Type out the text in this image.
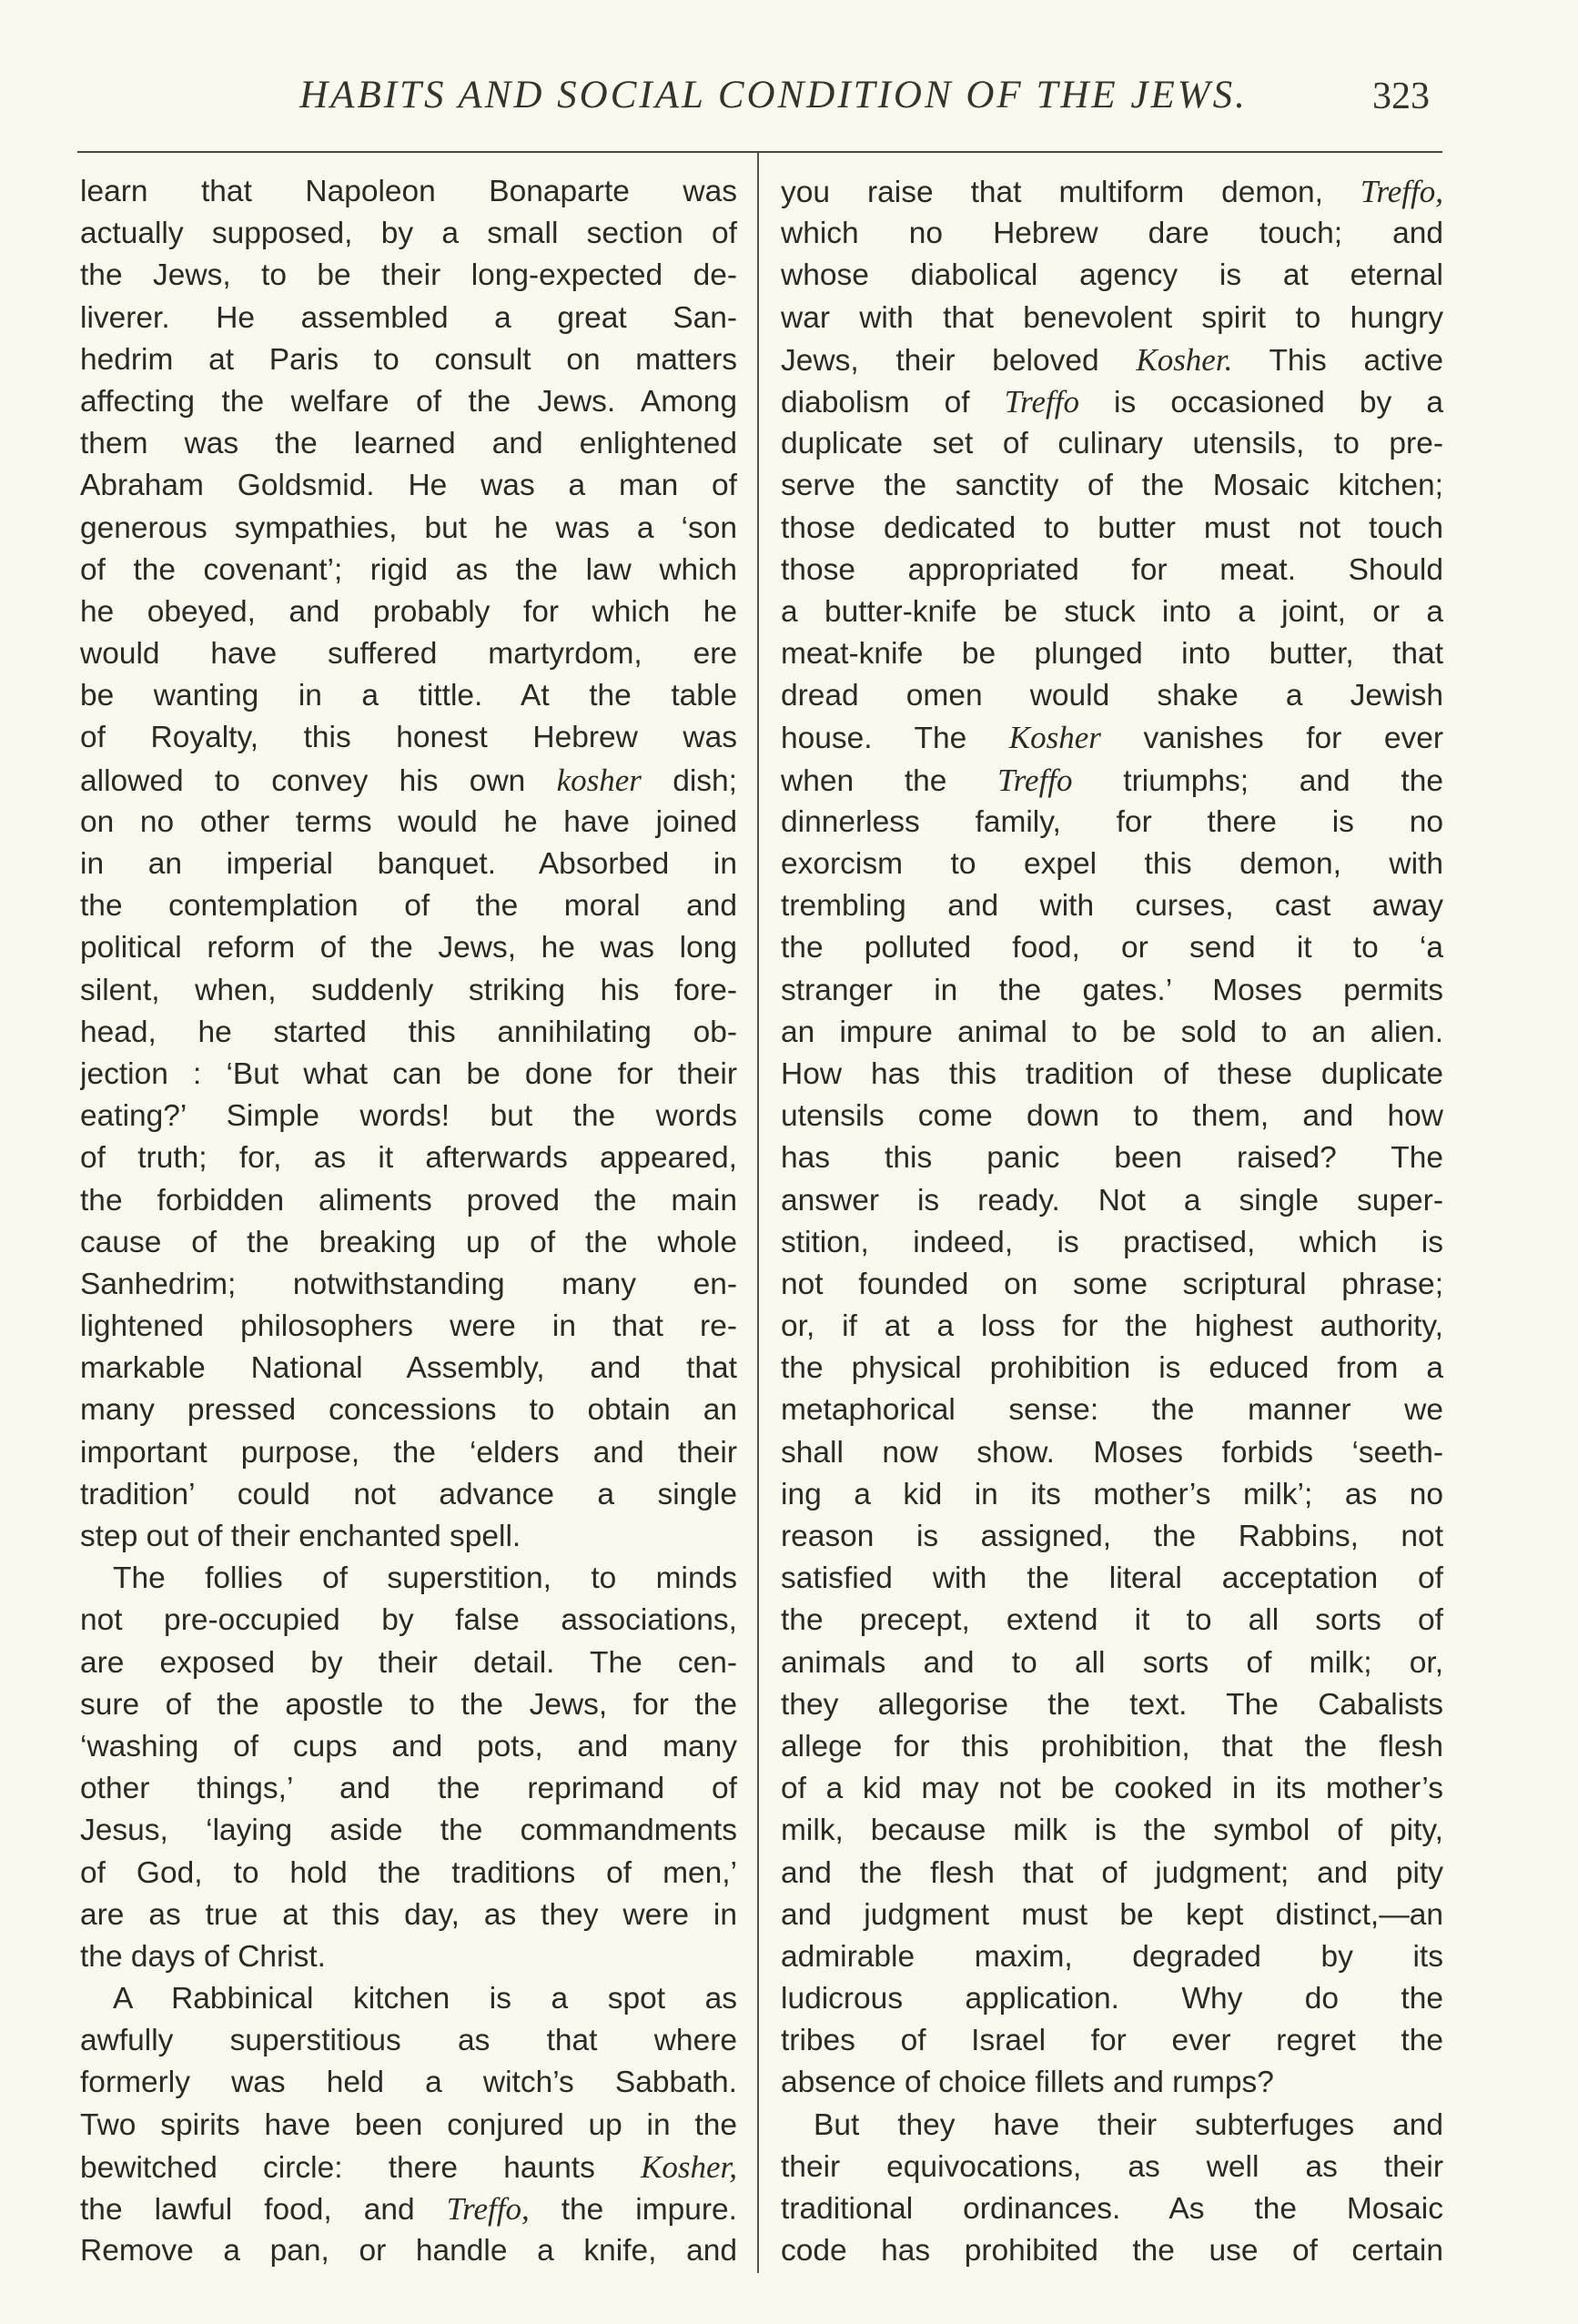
HABITS AND SOCIAL CONDITION OF THE JEWS.	323
learn that Napoleon Bonaparte was
actually supposed, by a small section of
the Jews, to be their long-expected de-
liverer. He assembled a great San-
hedrim at Paris to consult on matters
affecting the welfare of the Jews. Among
them was the learned and enlightened
Abraham Goldsmid. He was a man of
generous sympathies, but he was a ‘son
of the covenant’; rigid as the law which
he obeyed, and probably for which he
would have suffered martyrdom, ere
be wanting in a tittle. At the table
of Royalty, this honest Hebrew was
allowed to convey his own kosher dish;
on no other terms would he have joined
in an imperial banquet. Absorbed in
the contemplation of the moral and
political reform of the Jews, he was long
silent, when, suddenly striking his fore-
head, he started this annihilating ob-
jection : ‘But what can be done for their
eating?’ Simple words! but the words
of truth; for, as it afterwards appeared,
the forbidden aliments proved the main
cause of the breaking up of the whole
Sanhedrim; notwithstanding many en-
lightened philosophers were in that re-
markable National Assembly, and that
many pressed concessions to obtain an
important purpose, the ‘elders and their
tradition’ could not advance a single
step out of their enchanted spell.
The follies of superstition, to minds
not pre-occupied by false associations,
are exposed by their detail. The cen-
sure of the apostle to the Jews, for the
‘washing of cups and pots, and many
other things,’ and the reprimand of
Jesus, ‘laying aside the commandments
of God, to hold the traditions of men,’
are as true at this day, as they were in
the days of Christ.
A Rabbinical kitchen is a spot as
awfully superstitious as that where
formerly was held a witch’s Sabbath.
Two spirits have been conjured up in the
bewitched circle: there haunts Kosher,
the lawful food, and Treffo, the impure.
Remove a pan, or handle a knife, and
you raise that multiform demon, Treffo,
which no Hebrew dare touch; and
whose diabolical agency is at eternal
war with that benevolent spirit to hungry
Jews, their beloved Kosher. This active
diabolism of Treffo is occasioned by a
duplicate set of culinary utensils, to pre-
serve the sanctity of the Mosaic kitchen;
those dedicated to butter must not touch
those appropriated for meat. Should
a butter-knife be stuck into a joint, or a
meat-knife be plunged into butter, that
dread omen would shake a Jewish
house. The Kosher vanishes for ever
when the Treffo triumphs; and the
dinnerless family, for there is no
exorcism to expel this demon, with
trembling and with curses, cast away
the polluted food, or send it to ‘a
stranger in the gates.’ Moses permits
an impure animal to be sold to an alien.
How has this tradition of these duplicate
utensils come down to them, and how
has this panic been raised? The
answer is ready. Not a single super-
stition, indeed, is practised, which is
not founded on some scriptural phrase;
or, if at a loss for the highest authority,
the physical prohibition is educed from a
metaphorical sense: the manner we
shall now show. Moses forbids ‘seeth-
ing a kid in its mother’s milk’; as no
reason is assigned, the Rabbins, not
satisfied with the literal acceptation of
the precept, extend it to all sorts of
animals and to all sorts of milk; or,
they allegorise the text. The Cabalists
allege for this prohibition, that the flesh
of a kid may not be cooked in its mother’s
milk, because milk is the symbol of pity,
and the flesh that of judgment; and pity
and judgment must be kept distinct,—an
admirable maxim, degraded by its
ludicrous application. Why do the
tribes of Israel for ever regret the
absence of choice fillets and rumps?
But they have their subterfuges and
their equivocations, as well as their
traditional ordinances. As the Mosaic
code has prohibited the use of certain
